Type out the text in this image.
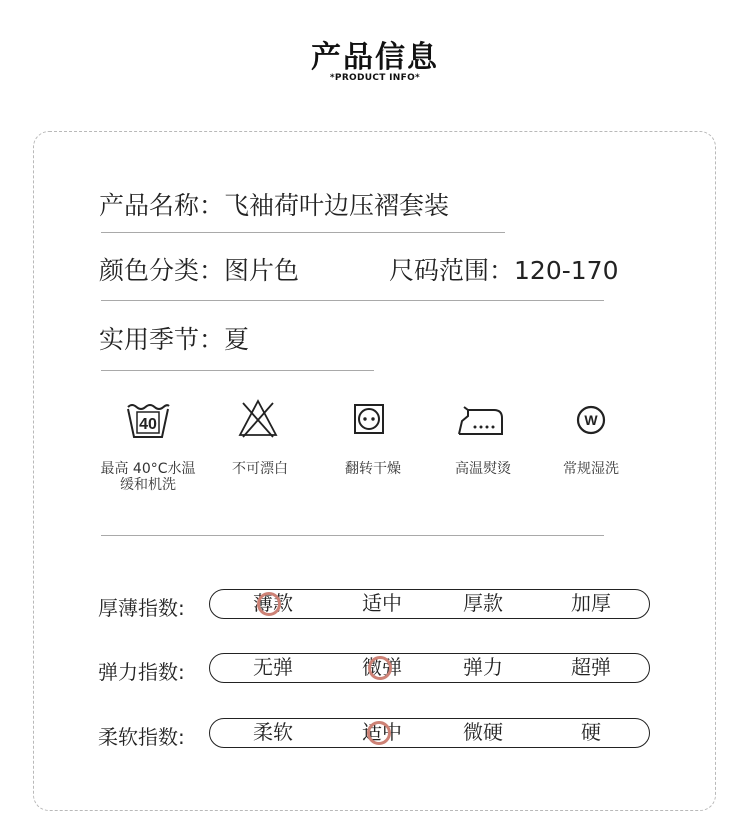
产品信息
*PRODUCT INFO*
产品名称：飞袖荷叶边压褶套装
颜色分类：图片色	尺码范围：120-170
实用季节：夏
40	W
最高 40°C水温
缓和机洗
不可漂白	翻转干燥	高温熨烫	常规湿洗
厚薄指数:	薄款	适中	厚款	加厚
弹力指数:	无弹	微弹	弹力	超弹
柔软指数:	柔软	适中	微硬	硬
